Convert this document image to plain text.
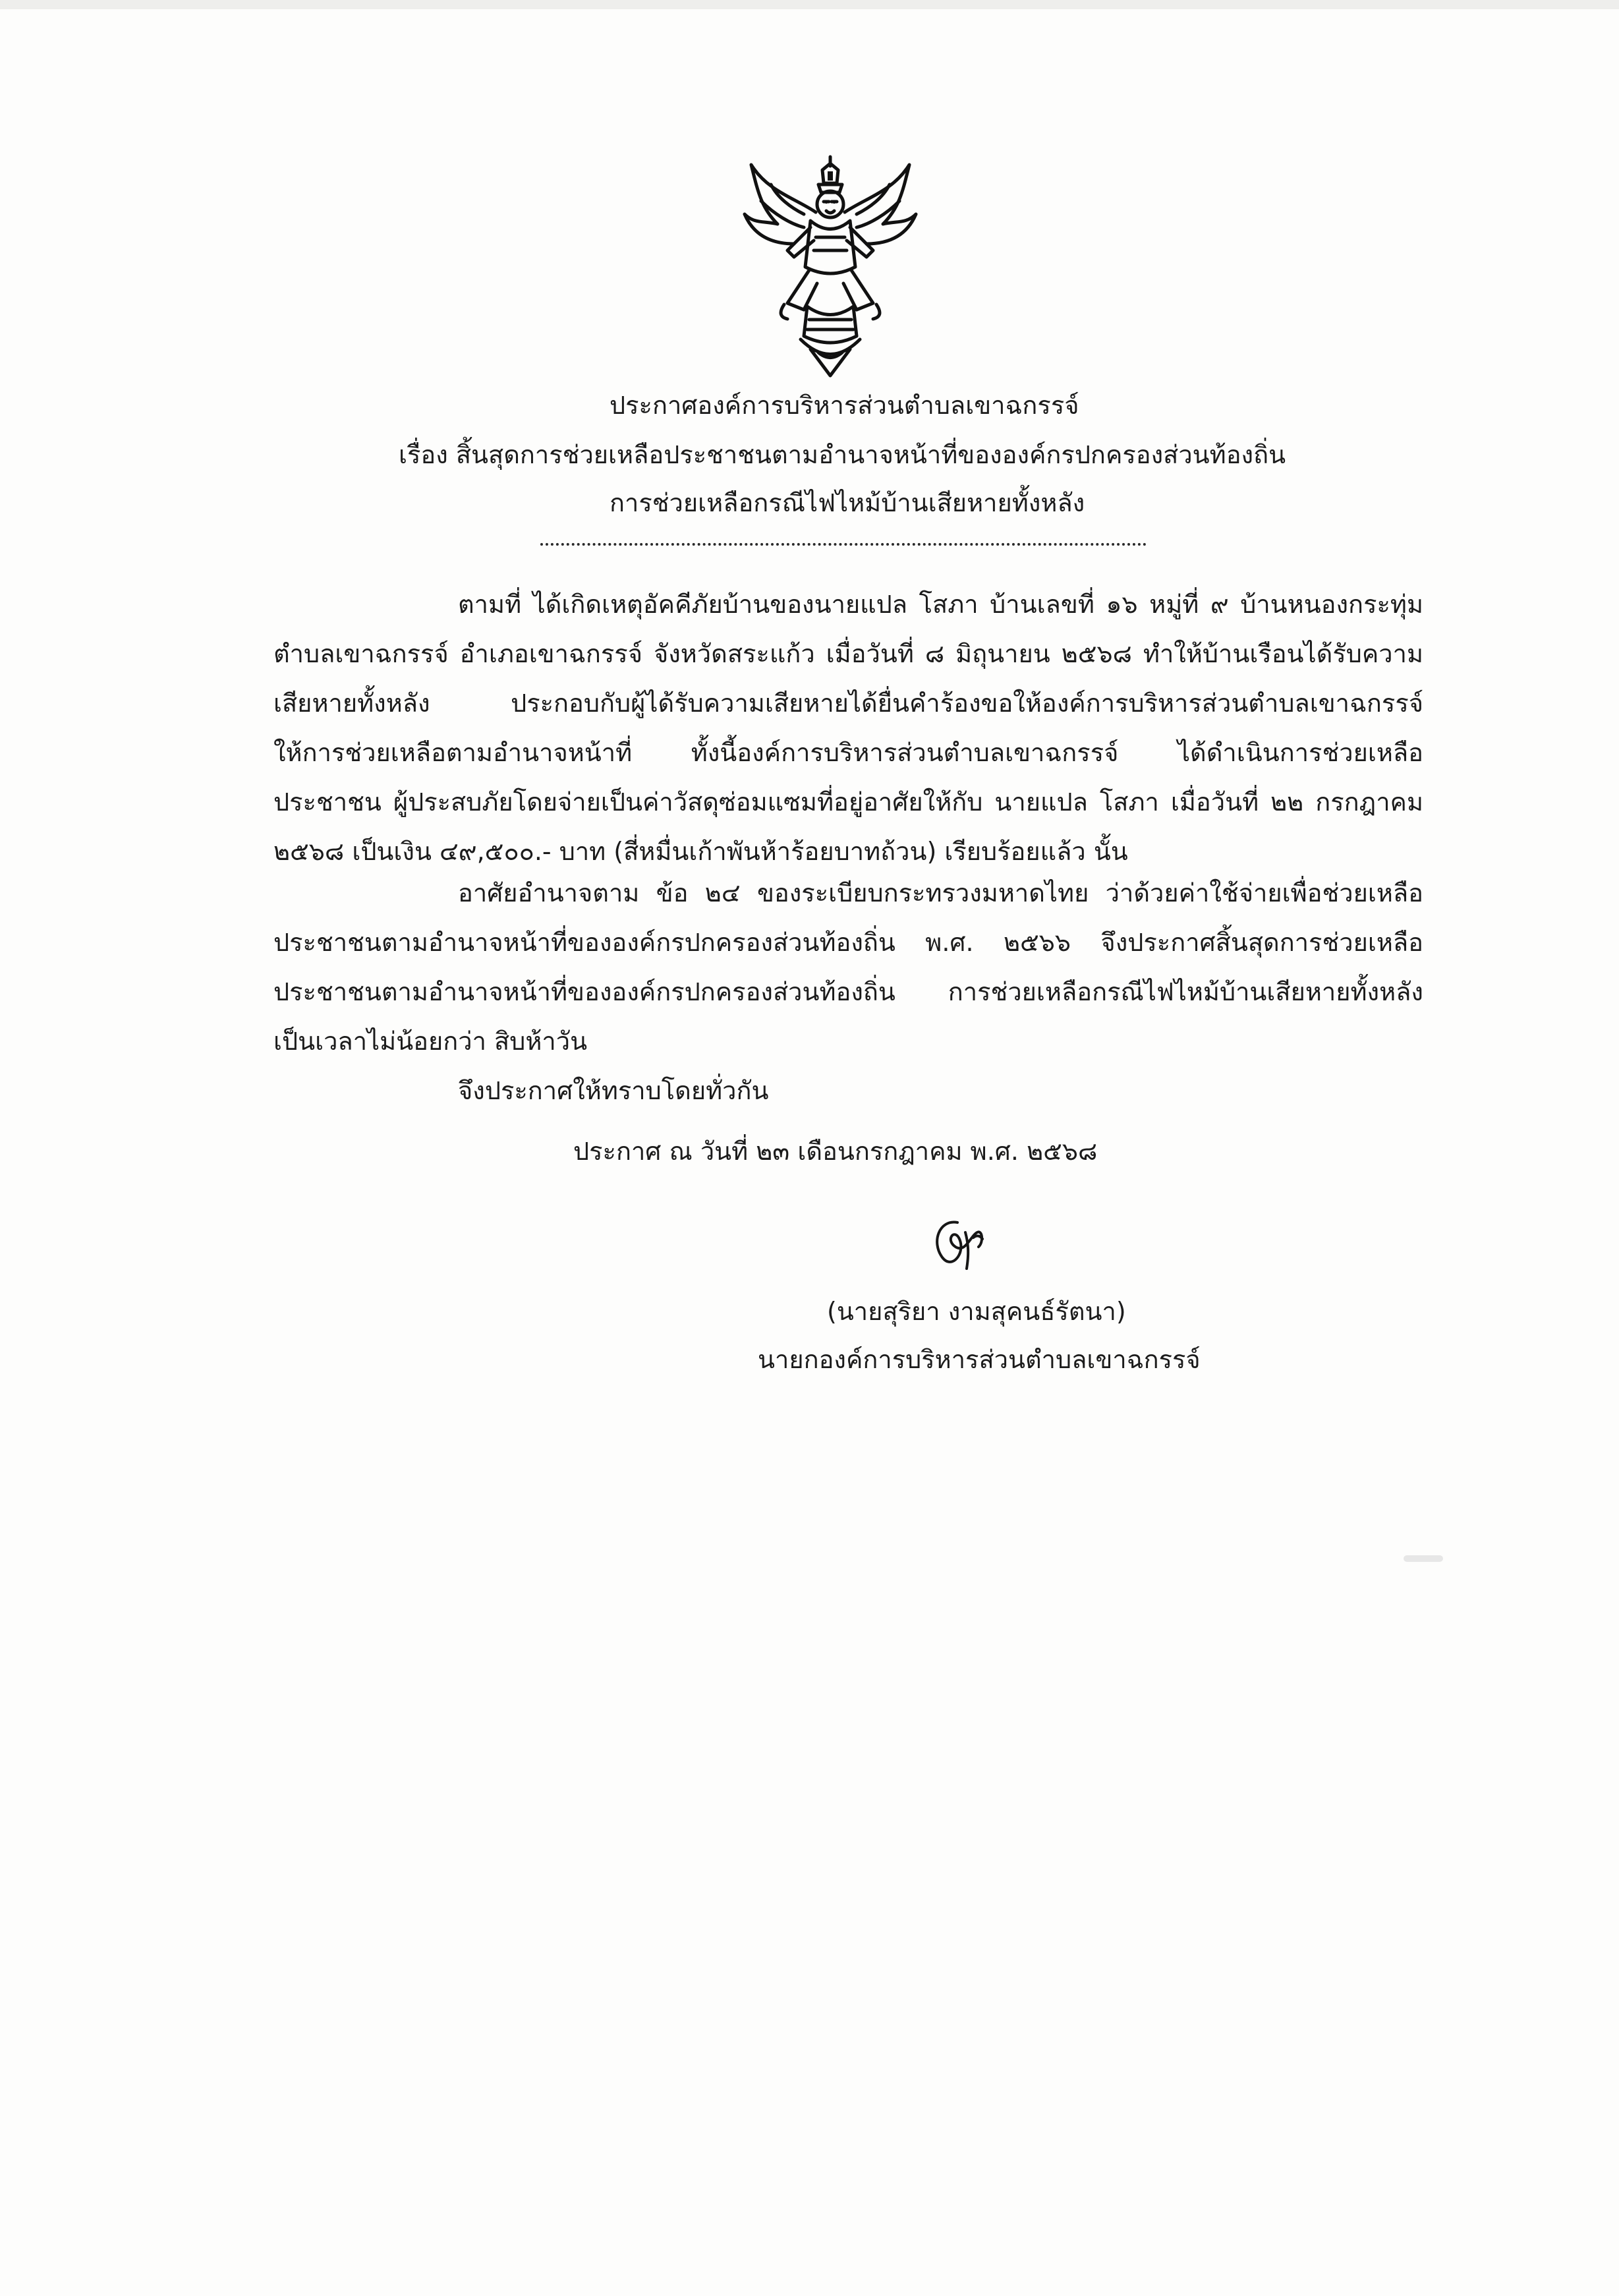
ประกาศองค์การบริหารส่วนตำบลเขาฉกรรจ์
เรื่อง สิ้นสุดการช่วยเหลือประชาชนตามอำนาจหน้าที่ขององค์กรปกครองส่วนท้องถิ่น
การช่วยเหลือกรณีไฟไหม้บ้านเสียหายทั้งหลัง
ตามที่ ได้เกิดเหตุอัคคีภัยบ้านของนายแปล โสภา บ้านเลขที่ ๑๖ หมู่ที่ ๙ บ้านหนองกระทุ่ม ตำบลเขาฉกรรจ์ อำเภอเขาฉกรรจ์ จังหวัดสระแก้ว เมื่อวันที่ ๘ มิถุนายน ๒๕๖๘ ทำให้บ้านเรือนได้รับความเสียหายทั้งหลัง ประกอบกับผู้ได้รับความเสียหายได้ยื่นคำร้องขอให้องค์การบริหารส่วนตำบลเขาฉกรรจ์ ให้การช่วยเหลือตามอำนาจหน้าที่ ทั้งนี้องค์การบริหารส่วนตำบลเขาฉกรรจ์ ได้ดำเนินการช่วยเหลือประชาชน ผู้ประสบภัยโดยจ่ายเป็นค่าวัสดุซ่อมแซมที่อยู่อาศัยให้กับ นายแปล โสภา เมื่อวันที่ ๒๒ กรกฎาคม ๒๕๖๘ เป็นเงิน ๔๙,๕๐๐.- บาท (สี่หมื่นเก้าพันห้าร้อยบาทถ้วน) เรียบร้อยแล้ว นั้น
อาศัยอำนาจตาม ข้อ ๒๔ ของระเบียบกระทรวงมหาดไทย ว่าด้วยค่าใช้จ่ายเพื่อช่วยเหลือ ประชาชนตามอำนาจหน้าที่ขององค์กรปกครองส่วนท้องถิ่น พ.ศ. ๒๕๖๖ จึงประกาศสิ้นสุดการช่วยเหลือ ประชาชนตามอำนาจหน้าที่ขององค์กรปกครองส่วนท้องถิ่น การช่วยเหลือกรณีไฟไหม้บ้านเสียหายทั้งหลัง เป็นเวลาไม่น้อยกว่า สิบห้าวัน
จึงประกาศให้ทราบโดยทั่วกัน
ประกาศ ณ วันที่ ๒๓ เดือนกรกฎาคม พ.ศ. ๒๕๖๘
(นายสุริยา งามสุคนธ์รัตนา)
นายกองค์การบริหารส่วนตำบลเขาฉกรรจ์
